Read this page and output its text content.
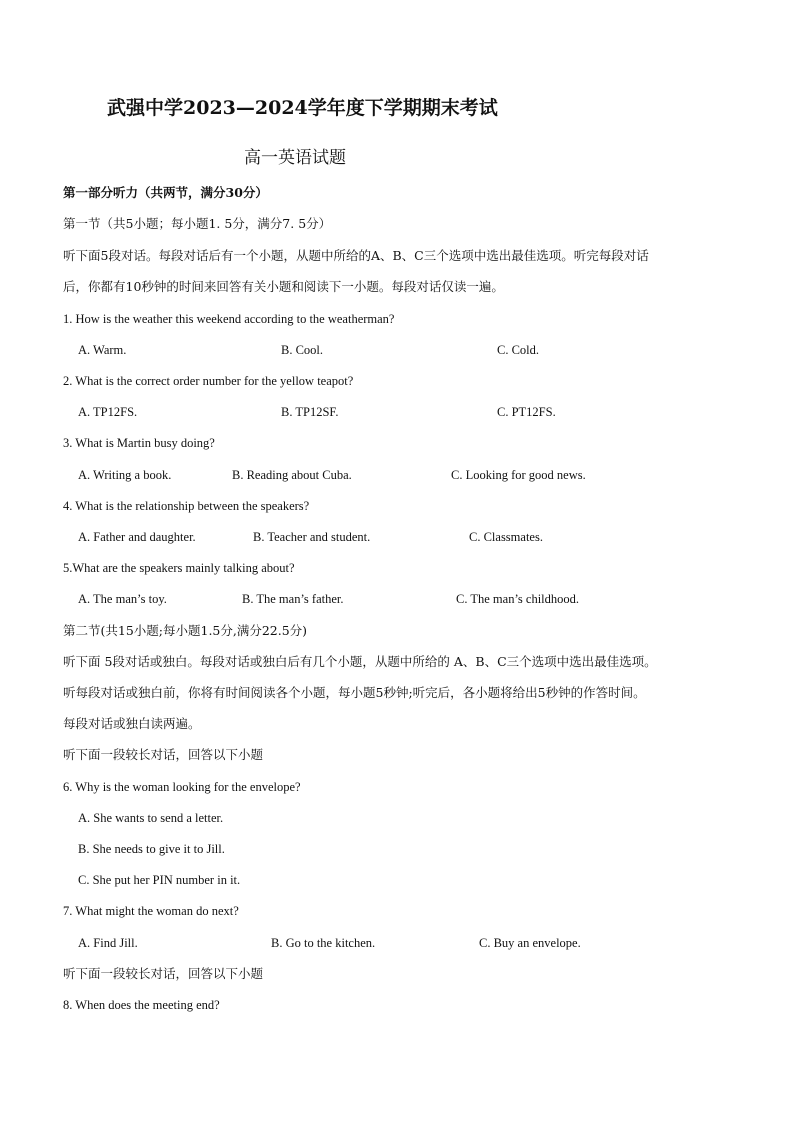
武强中学2023—2024学年度下学期期末考试
高一英语试题
第一部分听力（共两节，满分30分）
第一节（共5小题；每小题1. 5分，满分7. 5分）
听下面5段对话。每段对话后有一个小题，从题中所给的A、B、C三个选项中选出最佳选项。听完每段对话
后，你都有10秒钟的时间来回答有关小题和阅读下一小题。每段对话仅读一遍。
1. How is the weather this weekend according to the weatherman?
A. Warm.	B. Cool.	C. Cold.
2. What is the correct order number for the yellow teapot?
A. TP12FS.	B. TP12SF.	C. PT12FS.
3. What is Martin busy doing?
A. Writing a book.	B. Reading about Cuba.	C. Looking for good news.
4. What is the relationship between the speakers?
A. Father and daughter.	B. Teacher and student.	C. Classmates.
5.What are the speakers mainly talking about?
A. The man’s toy.	B. The man’s father.	C. The man’s childhood.
第二节(共15小题;每小题1.5分,满分22.5分)
听下面 5段对话或独白。每段对话或独白后有几个小题，从题中所给的 A、B、C三个选项中选出最佳选项。
听每段对话或独白前，你将有时间阅读各个小题，每小题5秒钟;听完后，各小题将给出5秒钟的作答时间。
每段对话或独白读两遍。
听下面一段较长对话，回答以下小题
6. Why is the woman looking for the envelope?
A. She wants to send a letter.
B. She needs to give it to Jill.
C. She put her PIN number in it.
7. What might the woman do next?
A. Find Jill.	B. Go to the kitchen.	C. Buy an envelope.
听下面一段较长对话，回答以下小题
8. When does the meeting end?
